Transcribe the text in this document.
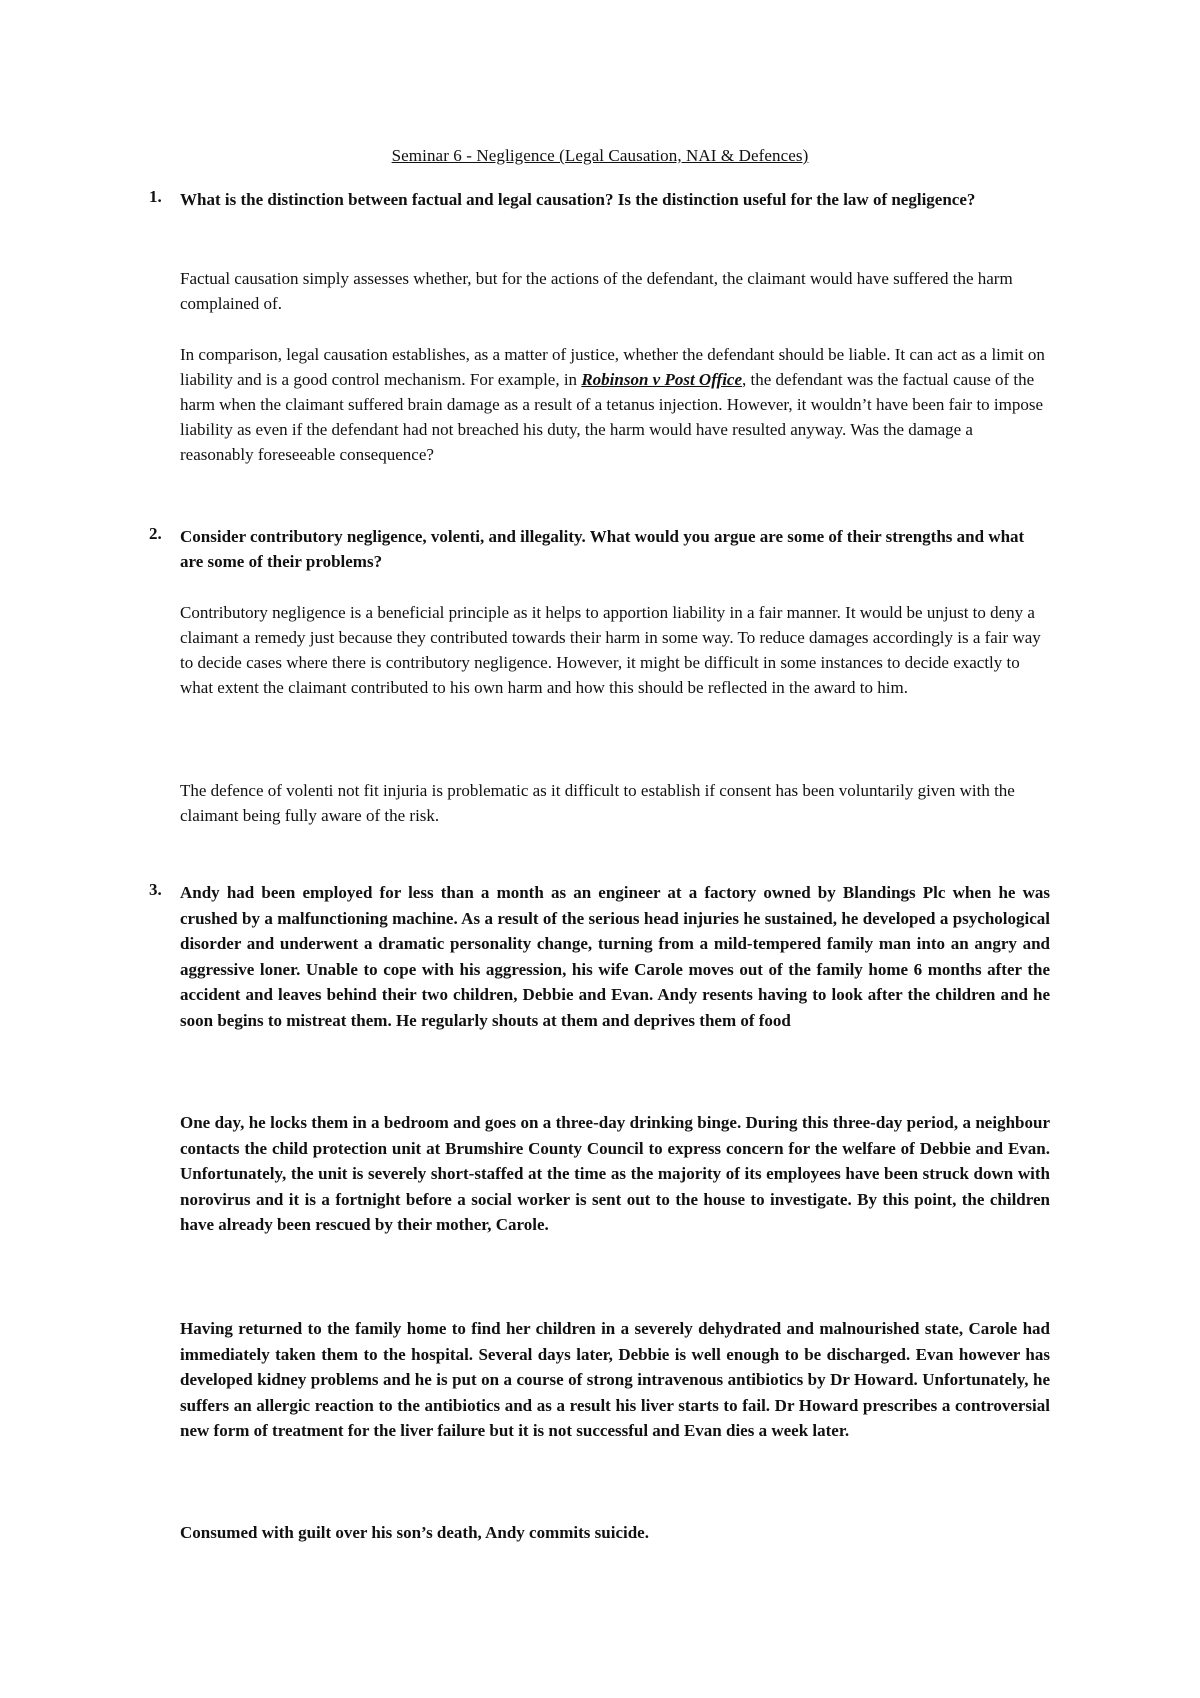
Seminar 6 - Negligence (Legal Causation, NAI & Defences)
1. What is the distinction between factual and legal causation? Is the distinction useful for the law of negligence?

Factual causation simply assesses whether, but for the actions of the defendant, the claimant would have suffered the harm complained of.

In comparison, legal causation establishes, as a matter of justice, whether the defendant should be liable. It can act as a limit on liability and is a good control mechanism. For example, in Robinson v Post Office, the defendant was the factual cause of the harm when the claimant suffered brain damage as a result of a tetanus injection. However, it wouldn’t have been fair to impose liability as even if the defendant had not breached his duty, the harm would have resulted anyway. Was the damage a reasonably foreseeable consequence?

2. Consider contributory negligence, volenti, and illegality. What would you argue are some of their strengths and what are some of their problems?

Contributory negligence is a beneficial principle as it helps to apportion liability in a fair manner. It would be unjust to deny a claimant a remedy just because they contributed towards their harm in some way. To reduce damages accordingly is a fair way to decide cases where there is contributory negligence. However, it might be difficult in some instances to decide exactly to what extent the claimant contributed to his own harm and how this should be reflected in the award to him.

The defence of volenti not fit injuria is problematic as it difficult to establish if consent has been voluntarily given with the claimant being fully aware of the risk.

3. Andy had been employed for less than a month as an engineer at a factory owned by Blandings Plc when he was crushed by a malfunctioning machine. As a result of the serious head injuries he sustained, he developed a psychological disorder and underwent a dramatic personality change, turning from a mild-tempered family man into an angry and aggressive loner. Unable to cope with his aggression, his wife Carole moves out of the family home 6 months after the accident and leaves behind their two children, Debbie and Evan. Andy resents having to look after the children and he soon begins to mistreat them. He regularly shouts at them and deprives them of food

One day, he locks them in a bedroom and goes on a three-day drinking binge. During this three-day period, a neighbour contacts the child protection unit at Brumshire County Council to express concern for the welfare of Debbie and Evan. Unfortunately, the unit is severely short-staffed at the time as the majority of its employees have been struck down with norovirus and it is a fortnight before a social worker is sent out to the house to investigate. By this point, the children have already been rescued by their mother, Carole.

Having returned to the family home to find her children in a severely dehydrated and malnourished state, Carole had immediately taken them to the hospital. Several days later, Debbie is well enough to be discharged. Evan however has developed kidney problems and he is put on a course of strong intravenous antibiotics by Dr Howard. Unfortunately, he suffers an allergic reaction to the antibiotics and as a result his liver starts to fail. Dr Howard prescribes a controversial new form of treatment for the liver failure but it is not successful and Evan dies a week later.

Consumed with guilt over his son’s death, Andy commits suicide.
